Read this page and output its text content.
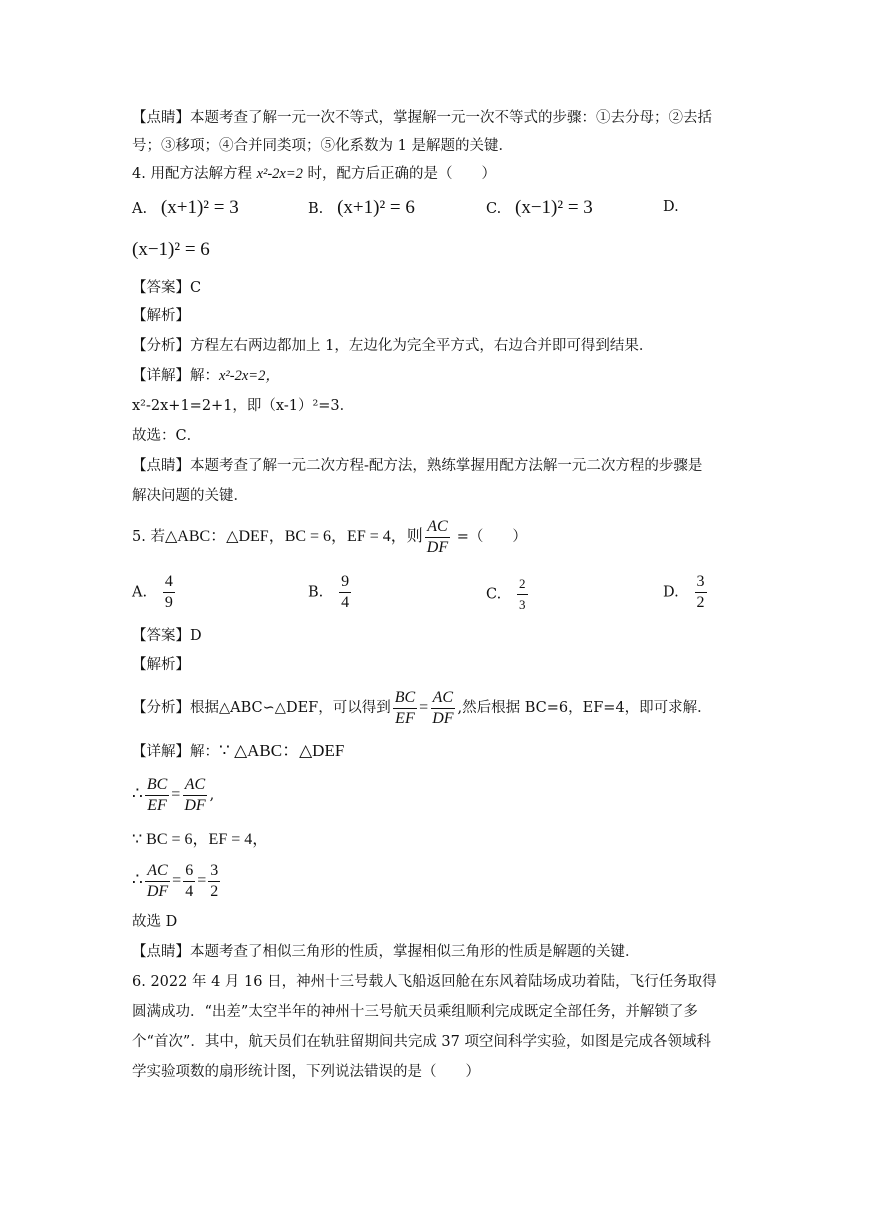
【点睛】本题考查了解一元一次不等式，掌握解一元一次不等式的步骤：①去分母；②去括
号；③移项；④合并同类项；⑤化系数为 1 是解题的关键．
4. 用配方法解方程 x²-2x=2 时，配方后正确的是（　　）
A. (x+1)² = 3	B. (x+1)² = 6	C. (x−1)² = 3	D.
(x−1)² = 6
【答案】C
【解析】
【分析】方程左右两边都加上 1，左边化为完全平方式，右边合并即可得到结果．
【详解】解：x²-2x=2，
x²-2x+1=2+1，即（x-1）²=3．
故选：C．
【点睛】本题考查了解一元二次方程-配方法，熟练掌握用配方法解一元二次方程的步骤是
解决问题的关键．
5. 若△ABC：△DEF，BC = 6，EF = 4，则 $\frac{AC}{DF}$ =（　　）
A. $\frac{4}{9}$	B. $\frac{9}{4}$	C. $\frac{2}{3}$	D. $\frac{3}{2}$
【答案】D
【解析】
【分析】根据△ABC∽△DEF，可以得到 $\frac{BC}{EF} = \frac{AC}{DF}$ ,然后根据 BC=6，EF=4，即可求解．
【详解】解：∵ △ABC：△DEF
∴ $\frac{BC}{EF} = \frac{AC}{DF}$ ,
∵ BC = 6，EF = 4，
∴ $\frac{AC}{DF} = \frac{6}{4} = \frac{3}{2}$
故选 D
【点睛】本题考查了相似三角形的性质，掌握相似三角形的性质是解题的关键．
6. 2022 年 4 月 16 日，神州十三号载人飞船返回舱在东风着陆场成功着陆，飞行任务取得
圆满成功．“出差”太空半年的神州十三号航天员乘组顺利完成既定全部任务，并解锁了多
个“首次”．其中，航天员们在轨驻留期间共完成 37 项空间科学实验，如图是完成各领域科
学实验项数的扇形统计图，下列说法错误的是（　　）
